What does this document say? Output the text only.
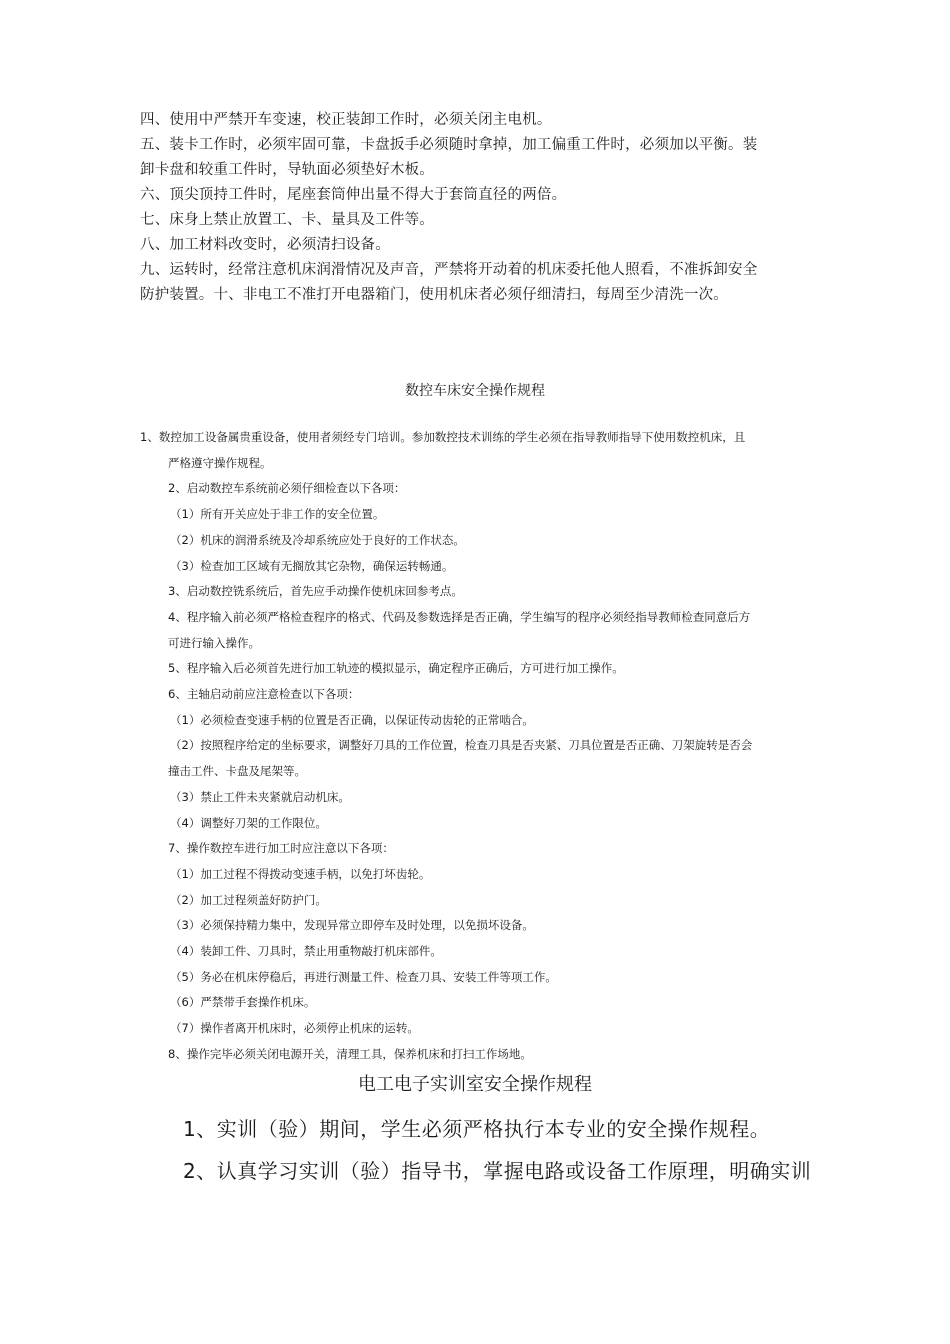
四、使用中严禁开车变速，校正装卸工作时，必须关闭主电机。

五、装卡工作时，必须牢固可靠，卡盘扳手必须随时拿掉，加工偏重工件时，必须加以平衡。装

卸卡盘和较重工件时，导轨面必须垫好木板。

六、顶尖顶持工件时，尾座套筒伸出量不得大于套筒直径的两倍。

七、床身上禁止放置工、卡、量具及工件等。

八、加工材料改变时，必须清扫设备。

九、运转时，经常注意机床润滑情况及声音，严禁将开动着的机床委托他人照看，不准拆卸安全

防护装置。十、非电工不准打开电器箱门，使用机床者必须仔细清扫，每周至少清洗一次。

数控车床安全操作规程

1、数控加工设备属贵重设备，使用者须经专门培训。参加数控技术训练的学生必须在指导教师指导下使用数控机床，且

严格遵守操作规程。

2、启动数控车系统前必须仔细检查以下各项：

（1）所有开关应处于非工作的安全位置。

（2）机床的润滑系统及冷却系统应处于良好的工作状态。

（3）检查加工区域有无搁放其它杂物，确保运转畅通。

3、启动数控铣系统后，首先应手动操作使机床回参考点。

4、程序输入前必须严格检查程序的格式、代码及参数选择是否正确，学生编写的程序必须经指导教师检查同意后方

可进行输入操作。

5、程序输入后必须首先进行加工轨迹的模拟显示，确定程序正确后，方可进行加工操作。

6、主轴启动前应注意检查以下各项：

（1）必须检查变速手柄的位置是否正确，以保证传动齿轮的正常啮合。

（2）按照程序给定的坐标要求，调整好刀具的工作位置，检查刀具是否夹紧、刀具位置是否正确、刀架旋转是否会

撞击工件、卡盘及尾架等。

（3）禁止工件未夹紧就启动机床。

（4）调整好刀架的工作限位。

7、操作数控车进行加工时应注意以下各项：

（1）加工过程不得拨动变速手柄，以免打坏齿轮。

（2）加工过程须盖好防护门。

（3）必须保持精力集中，发现异常立即停车及时处理，以免损坏设备。

（4）装卸工件、刀具时，禁止用重物敲打机床部件。

（5）务必在机床停稳后，再进行测量工件、检查刀具、安装工件等项工作。

（6）严禁带手套操作机床。

（7）操作者离开机床时，必须停止机床的运转。

8、操作完毕必须关闭电源开关，清理工具，保养机床和打扫工作场地。

电工电子实训室安全操作规程

1、实训（验）期间，学生必须严格执行本专业的安全操作规程。

2、认真学习实训（验）指导书，掌握电路或设备工作原理，明确实训
